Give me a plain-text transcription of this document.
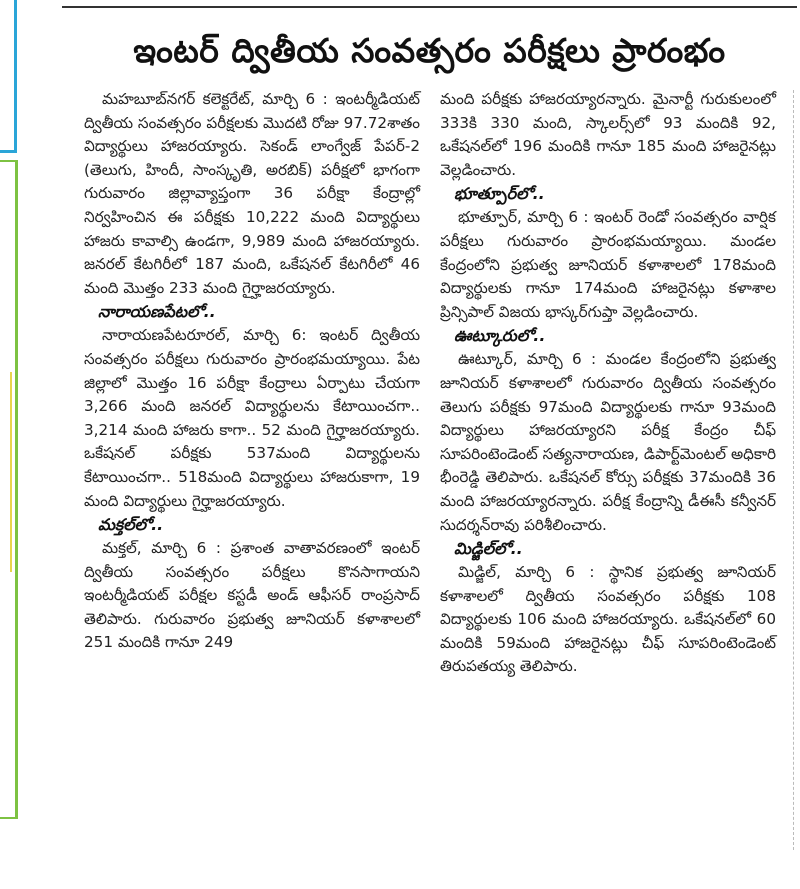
ఇంటర్ ద్వితీయ సంవత్సరం పరీక్షలు ప్రారంభం

మహబూబ్‌నగర్ కలెక్టరేట్, మార్చి 6 : ఇంటర్మీడియట్ ద్వితీయ సంవత్సరం పరీక్షలకు మొదటి రోజు 97.72శాతం విద్యార్థులు హాజరయ్యారు. సెకండ్ లాంగ్వేజ్ పేపర్-2 (తెలుగు, హిందీ, సాంస్కృతి, అరబిక్) పరీక్షలో భాగంగా గురువారం జిల్లావ్యాప్తంగా 36 పరీక్షా కేంద్రాల్లో నిర్వహించిన ఈ పరీక్షకు 10,222 మంది విద్యార్థులు హాజరు కావాల్సి ఉండగా, 9,989 మంది హాజరయ్యారు. జనరల్ కేటగిరీలో 187 మంది, ఒకేషనల్ కేటగిరీలో 46 మంది మొత్తం 233 మంది గైర్హాజరయ్యారు.

నారాయణపేటలో..

నారాయణపేటరూరల్, మార్చి 6: ఇంటర్ ద్వితీయ సంవత్సరం పరీక్షలు గురువారం ప్రారంభమయ్యాయి. పేట జిల్లాలో మొత్తం 16 పరీక్షా కేంద్రాలు ఏర్పాటు చేయగా 3,266 మంది జనరల్ విద్యార్థులను కేటాయించగా.. 3,214 మంది హాజరు కాగా.. 52 మంది గైర్హాజరయ్యారు. ఒకేషనల్ పరీక్షకు 537మంది విద్యార్థులను కేటాయించగా.. 518మంది విద్యార్థులు హాజరుకాగా, 19 మంది విద్యార్థులు గైర్హాజరయ్యారు.

మక్తల్‌లో..

మక్తల్, మార్చి 6 : ప్రశాంత వాతావరణంలో ఇంటర్ ద్వితీయ సంవత్సరం పరీక్షలు కొనసాగాయని ఇంటర్మీడియట్ పరీక్షల కస్టడీ అండ్ ఆఫీసర్ రాంప్రసాద్ తెలిపారు. గురువారం ప్రభుత్వ జూనియర్ కళాశాలలో 251 మందికి గానూ 249

మంది పరీక్షకు హాజరయ్యారన్నారు. మైనార్టీ గురుకులంలో 333కి 330 మంది, స్కాలర్స్‌లో 93 మందికి 92, ఒకేషనల్‌లో 196 మందికి గానూ 185 మంది హాజరైనట్లు వెల్లడించారు.

భూత్పూర్‌లో..

భూత్పూర్, మార్చి 6 : ఇంటర్ రెండో సంవత్సరం వార్షిక పరీక్షలు గురువారం ప్రారంభమయ్యాయి. మండల కేంద్రంలోని ప్రభుత్వ జూనియర్ కళాశాలలో 178మంది విద్యార్థులకు గానూ 174మంది హాజరైనట్లు కళాశాల ప్రిన్సిపాల్ విజయ భాస్కర్‌గుప్తా వెల్లడించారు.

ఊట్కూరులో..

ఊట్కూర్, మార్చి 6 : మండల కేంద్రంలోని ప్రభుత్వ జూనియర్ కళాశాలలో గురువారం ద్వితీయ సంవత్సరం తెలుగు పరీక్షకు 97మంది విద్యార్థులకు గానూ 93మంది విద్యార్థులు హాజరయ్యారని పరీక్ష కేంద్రం చీఫ్ సూపరింటెండెంట్ సత్యనారాయణ, డిపార్ట్‌మెంటల్ అధికారి భీంరెడ్డి తెలిపారు. ఒకేషనల్ కోర్సు పరీక్షకు 37మందికి 36 మంది హాజరయ్యారన్నారు. పరీక్ష కేంద్రాన్ని డీఈసీ కన్వీనర్ సుదర్శన్‌రావు పరిశీలించారు.

మిడ్జిల్‌లో..

మిడ్జిల్, మార్చి 6 : స్థానిక ప్రభుత్వ జూనియర్ కళాశాలలో ద్వితీయ సంవత్సరం పరీక్షకు 108 విద్యార్థులకు 106 మంది హాజరయ్యారు. ఒకేషనల్‌లో 60 మందికి 59మంది హాజరైనట్లు చీఫ్ సూపరింటెండెంట్ తిరుపతయ్య తెలిపారు.
